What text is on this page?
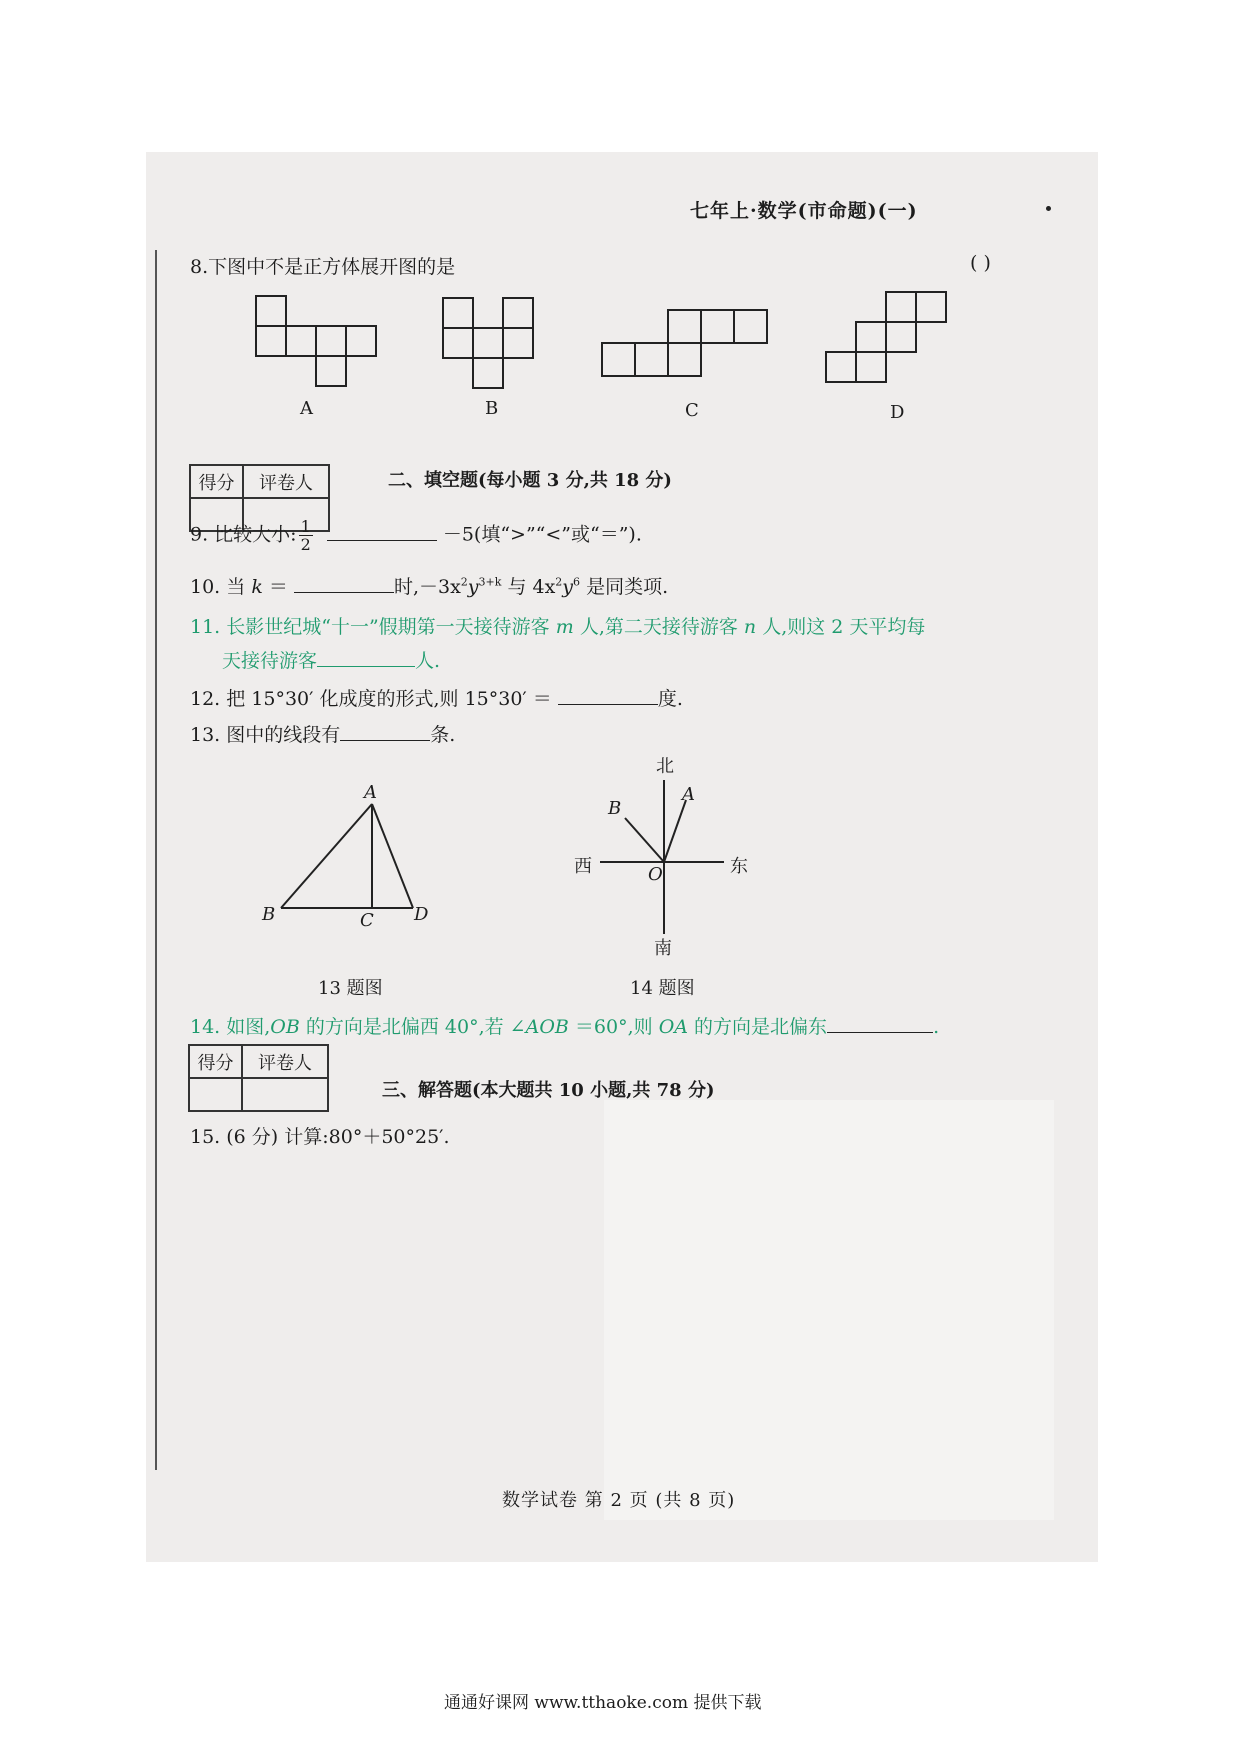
七年上·数学(市命题)(一)
8.下图中不是正方体展开图的是	( )
A	B	C	D
得分	评卷人
		二、填空题(每小题 3 分,共 18 分)
9. 比较大小: $\frac{1}{2}$	－5(填“>”“<”或“＝”).
10. 当 k ＝	时$,-3x^2y^{3+k}$ 与 $4x^2y^6$ 是同类项.
11. 长影世纪城“十一”假期第一天接待游客 m 人,第二天接待游客 n 人,则这 2 天平均每
天接待游客	人.
12. 把 15°30′ 化成度的形式,则 15°30′ ＝	度.
13. 图中的线段有	条.
A
B	C D
13 题图
北
南
西	东
O
A
B
14 题图
14. 如图,OB 的方向是北偏西 40°,若 ∠AOB ＝60°,则 OA 的方向是北偏东	.
得分	评卷人

三、解答题(本大题共 10 小题,共 78 分)
15. (6 分) 计算:80°＋50°25′.
数学试卷 第 2 页 (共 8 页)
通通好课网 www.tthaoke.com 提供下载
